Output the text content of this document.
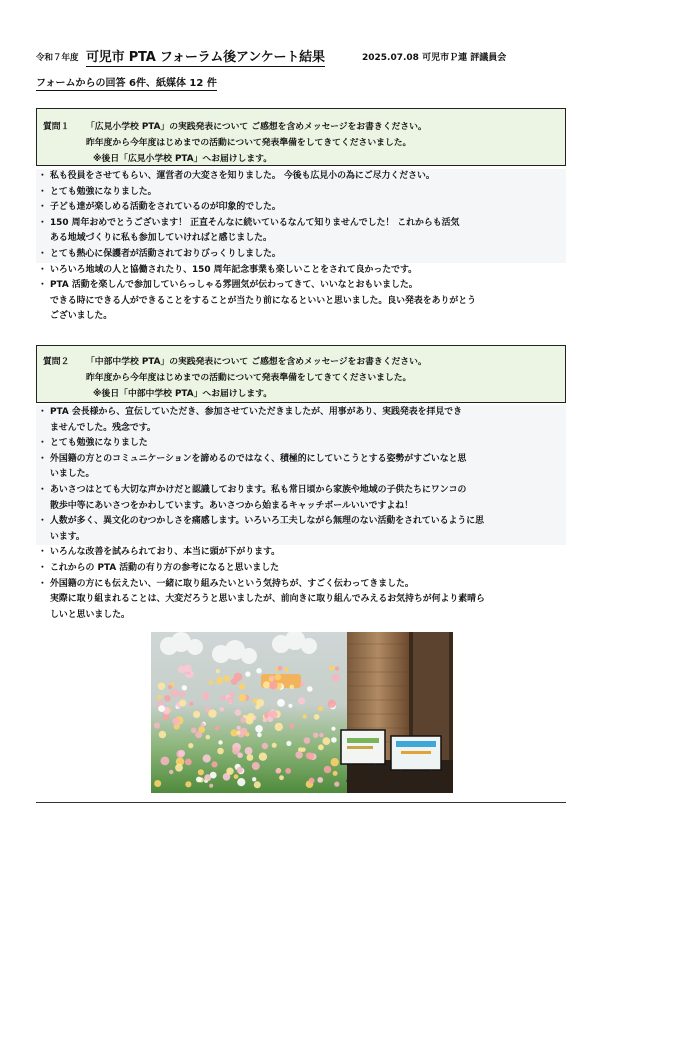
令和７年度 可児市 PTA フォーラム後アンケート結果	2025.07.08 可児市Ｐ連 評議員会
フォームからの回答 6件、紙媒体 12 件
質問１ 「広見小学校 PTA」の実践発表について ご感想を含めメッセージをお書きください。
昨年度から今年度はじめまでの活動について発表準備をしてきてくださいました。
※後日「広見小学校 PTA」へお届けします。
・ 私も役員をさせてもらい、運営者の大変さを知りました。 今後も広見小の為にご尽力ください。
・ とても勉強になりました。
・ 子ども達が楽しめる活動をされているのが印象的でした。
・ 150 周年おめでとうございます！ 正直そんなに続いているなんて知りませんでした！ これからも活気
ある地域づくりに私も参加していければと感じました。
・ とても熱心に保護者が活動されておりびっくりしました。
・ いろいろ地域の人と協働されたり、150 周年記念事業も楽しいことをされて良かったです。
・ PTA 活動を楽しんで参加していらっしゃる雰囲気が伝わってきて、いいなとおもいました。
できる時にできる人ができることをすることが当たり前になるといいと思いました。良い発表をありがとう
ございました。
質問２ 「中部中学校 PTA」の実践発表について ご感想を含めメッセージをお書きください。
昨年度から今年度はじめまでの活動について発表準備をしてきてくださいました。
※後日「中部中学校 PTA」へお届けします。
・ PTA 会長様から、宣伝していただき、参加させていただきましたが、用事があり、実践発表を拝見でき
ませんでした。残念です。
・ とても勉強になりました
・ 外国籍の方とのコミュニケーションを諦めるのではなく、積極的にしていこうとする姿勢がすごいなと思
いました。
・ あいさつはとても大切な声かけだと認識しております。私も常日頃から家族や地域の子供たちにワンコの
散歩中等にあいさつをかわしています。あいさつから始まるキャッチボールいいですよね！
・ 人数が多く、異文化のむつかしさを痛感します。いろいろ工夫しながら無理のない活動をされているように思
います。
・ いろんな改善を試みられており、本当に頭が下がります。
・ これからの PTA 活動の有り方の参考になると思いました
・ 外国籍の方にも伝えたい、一緒に取り組みたいという気持ちが、すごく伝わってきました。
実際に取り組まれることは、大変だろうと思いましたが、前向きに取り組んでみえるお気持ちが何より素晴ら
しいと思いました。
